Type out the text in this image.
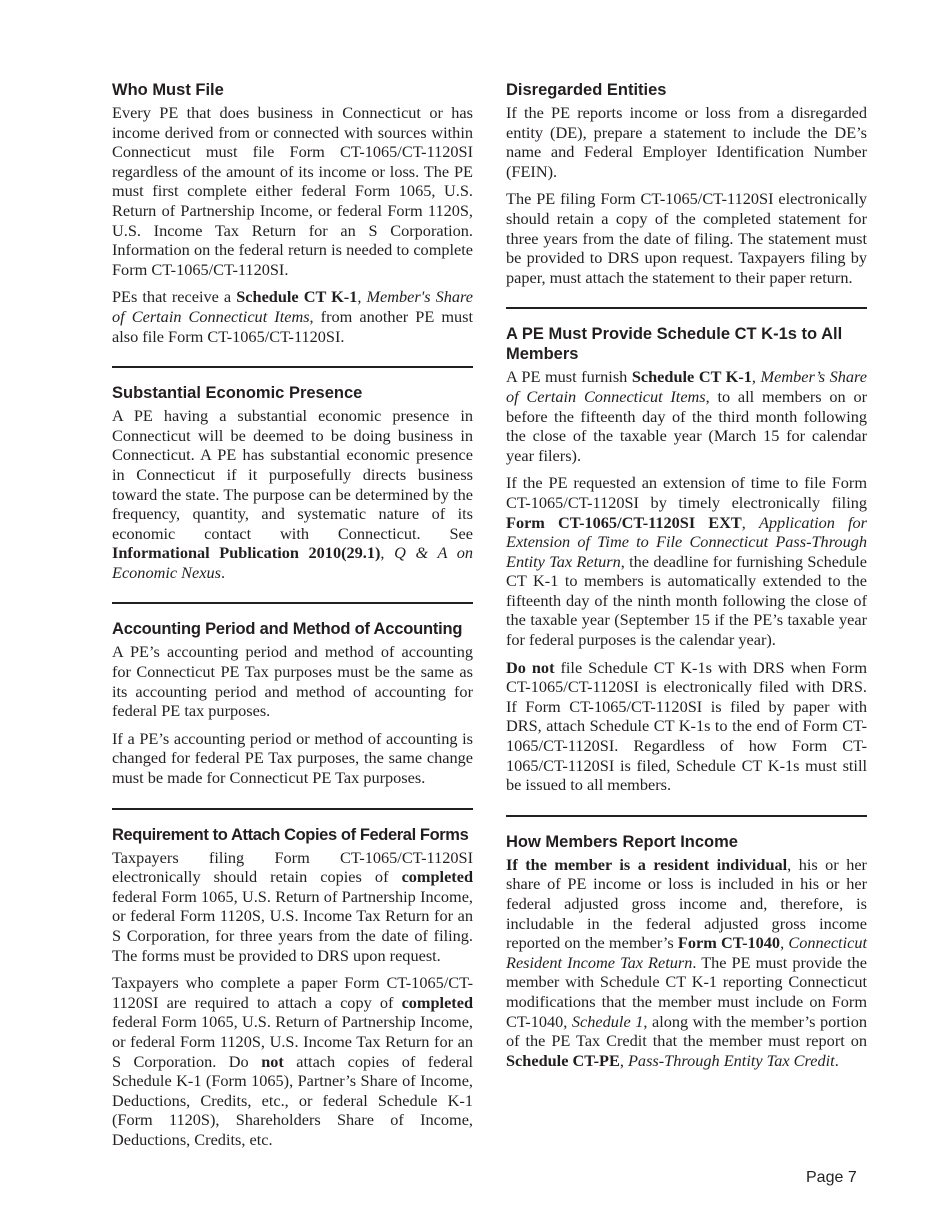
Who Must File

Every PE that does business in Connecticut or has income derived from or connected with sources within Connecticut must file Form CT-1065/CT-1120SI regardless of the amount of its income or loss. The PE must first complete either federal Form 1065, U.S. Return of Partnership Income, or federal Form 1120S, U.S. Income Tax Return for an S Corporation. Information on the federal return is needed to complete Form CT-1065/CT-1120SI.

PEs that receive a Schedule CT K-1, Member's Share of Certain Connecticut Items, from another PE must also file Form CT-1065/CT-1120SI.

Substantial Economic Presence

A PE having a substantial economic presence in Connecticut will be deemed to be doing business in Connecticut. A PE has substantial economic presence in Connecticut if it purposefully directs business toward the state. The purpose can be determined by the frequency, quantity, and systematic nature of its economic contact with Connecticut. See Informational Publication 2010(29.1), Q & A on Economic Nexus.

Accounting Period and Method of Accounting

A PE’s accounting period and method of accounting for Connecticut PE Tax purposes must be the same as its accounting period and method of accounting for federal PE tax purposes.

If a PE’s accounting period or method of accounting is changed for federal PE Tax purposes, the same change must be made for Connecticut PE Tax purposes.

Requirement to Attach Copies of Federal Forms

Taxpayers filing Form CT-1065/CT-1120SI electronically should retain copies of completed federal Form 1065, U.S. Return of Partnership Income, or federal Form 1120S, U.S. Income Tax Return for an S Corporation, for three years from the date of filing. The forms must be provided to DRS upon request.

Taxpayers who complete a paper Form CT-1065/CT-1120SI are required to attach a copy of completed federal Form 1065, U.S. Return of Partnership Income, or federal Form 1120S, U.S. Income Tax Return for an S Corporation. Do not attach copies of federal Schedule K-1 (Form 1065), Partner’s Share of Income, Deductions, Credits, etc., or federal Schedule K-1 (Form 1120S), Shareholders Share of Income, Deductions, Credits, etc.

Disregarded Entities

If the PE reports income or loss from a disregarded entity (DE), prepare a statement to include the DE’s name and Federal Employer Identification Number (FEIN).

The PE filing Form CT-1065/CT-1120SI electronically should retain a copy of the completed statement for three years from the date of filing. The statement must be provided to DRS upon request. Taxpayers filing by paper, must attach the statement to their paper return.

A PE Must Provide Schedule CT K-1s to All Members

A PE must furnish Schedule CT K-1, Member’s Share of Certain Connecticut Items, to all members on or before the fifteenth day of the third month following the close of the taxable year (March 15 for calendar year filers).

If the PE requested an extension of time to file Form CT-1065/CT-1120SI by timely electronically filing Form CT-1065/CT-1120SI EXT, Application for Extension of Time to File Connecticut Pass-Through Entity Tax Return, the deadline for furnishing Schedule CT K-1 to members is automatically extended to the fifteenth day of the ninth month following the close of the taxable year (September 15 if the PE’s taxable year for federal purposes is the calendar year).

Do not file Schedule CT K-1s with DRS when Form CT-1065/CT-1120SI is electronically filed with DRS. If Form CT-1065/CT-1120SI is filed by paper with DRS, attach Schedule CT K-1s to the end of Form CT-1065/CT-1120SI. Regardless of how Form CT-1065/CT-1120SI is filed, Schedule CT K-1s must still be issued to all members.

How Members Report Income

If the member is a resident individual, his or her share of PE income or loss is included in his or her federal adjusted gross income and, therefore, is includable in the federal adjusted gross income reported on the member’s Form CT-1040, Connecticut Resident Income Tax Return. The PE must provide the member with Schedule CT K-1 reporting Connecticut modifications that the member must include on Form CT-1040, Schedule 1, along with the member’s portion of the PE Tax Credit that the member must report on Schedule CT-PE, Pass-Through Entity Tax Credit.

Page 7
